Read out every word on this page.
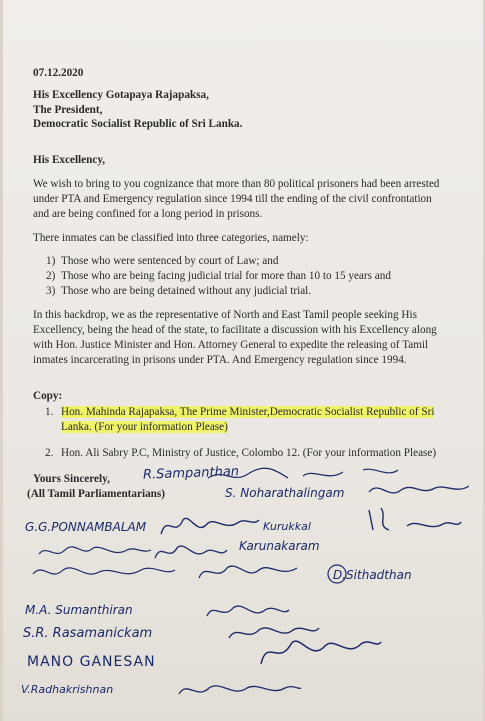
07.12.2020
His Excellency Gotapaya Rajapaksa,
The President,
Democratic Socialist Republic of Sri Lanka.
His Excellency,
We wish to bring to you cognizance that more than 80 political prisoners had been arrested
under PTA and Emergency regulation since 1994 till the ending of the civil confrontation
and are being confined for a long period in prisons.
There inmates can be classified into three categories, namely:
1) Those who were sentenced by court of Law; and
2) Those who are being facing judicial trial for more than 10 to 15 years and
3) Those who are being detained without any judicial trial.
In this backdrop, we as the representative of North and East Tamil people seeking His
Excellency, being the head of the state, to facilitate a discussion with his Excellency along
with Hon. Justice Minister and Hon. Attorney General to expedite the releasing of Tamil
inmates incarcerating in prisons under PTA. And Emergency regulation since 1994.
Copy:
1. Hon. Mahinda Rajapaksa, The Prime Minister,Democratic Socialist Republic of Sri
Lanka. (For your information Please)
2. Hon. Ali Sabry P.C, Ministry of Justice, Colombo 12. (For your information Please)
Yours Sincerely,
(All Tamil Parliamentarians)
R.Sampanthan
S. Noharathalingam
G.G.PONNAMBALAM	Kurukkal
Karunakaram
D.Sithadthan
M.A. Sumanthiran
S.R. Rasamanickam
MANO GANESAN
V.Radhakrishnan
